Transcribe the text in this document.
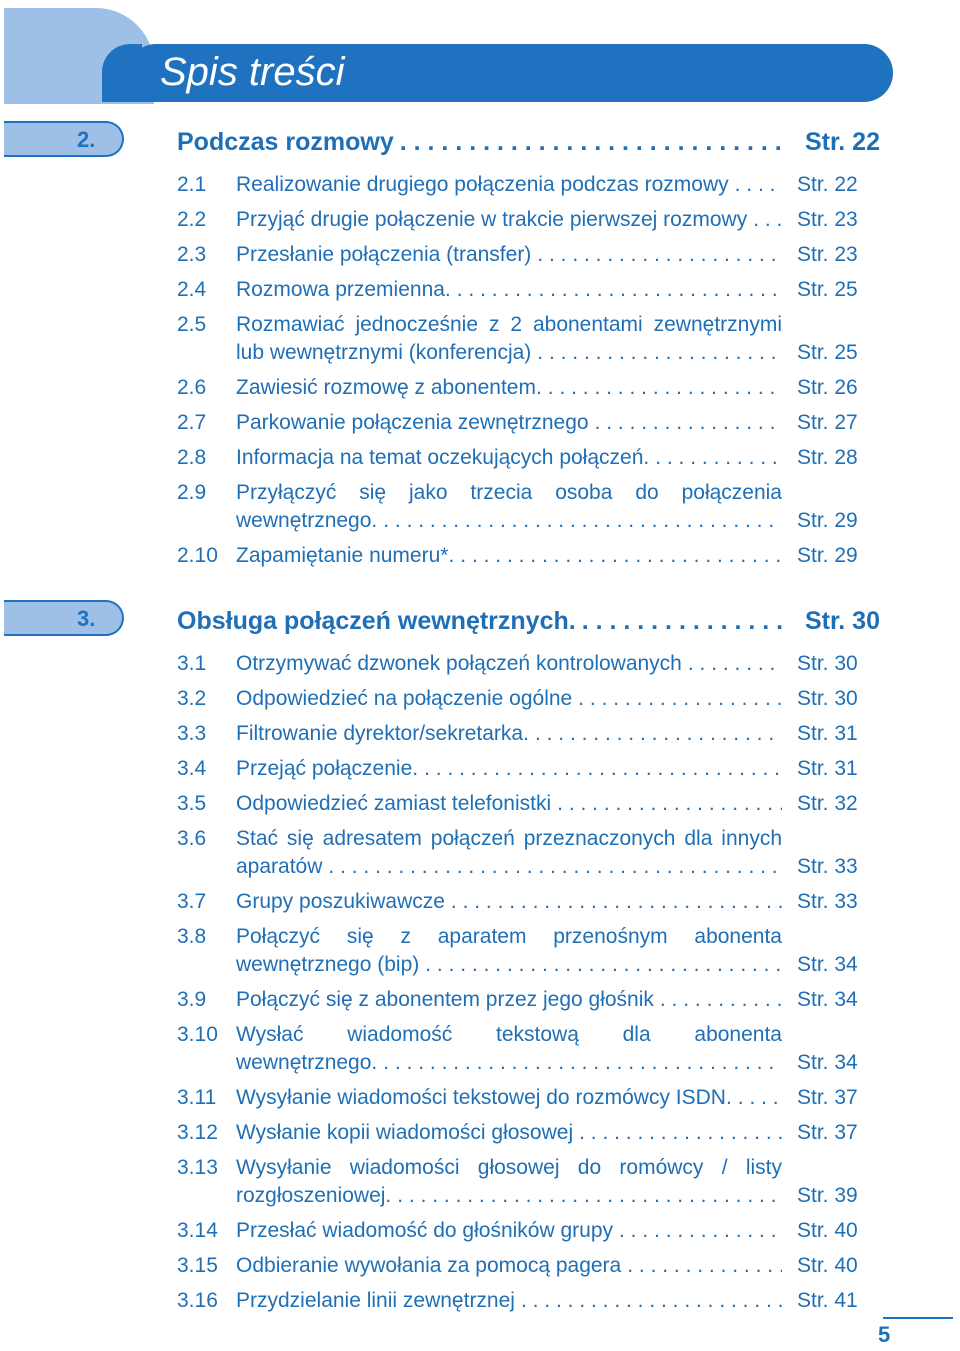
Spis treści
2.	Podczas rozmowy . . .	Str. 22
2.1 Realizowanie drugiego połączenia podczas rozmowy . . .	Str. 22
2.2 Przyjąć drugie połączenie w trakcie pierwszej rozmowy . . . Str. 23
2.3 Przesłanie połączenia (transfer) . . .	Str. 23
2.4 Rozmowa przemienna. . . .	Str. 25
2.5 Rozmawiać jednocześnie z 2 abonentami zewnętrznymi
lub wewnętrznymi (konferencja) . . .	Str. 25
2.6 Zawiesić rozmowę z abonentem. . . .	Str. 26
2.7 Parkowanie połączenia zewnętrznego . . .	Str. 27
2.8 Informacja na temat oczekujących połączeń. . . .	Str. 28
2.9 Przyłączyć się jako trzecia osoba do połączenia
wewnętrznego. . . .	Str. 29
2.10 Zapamiętanie numeru*. . . .	Str. 29
3.	Obsługa połączeń wewnętrznych. . . .	Str. 30
3.1 Otrzymywać dzwonek połączeń kontrolowanych . . .	Str. 30
3.2 Odpowiedzieć na połączenie ogólne . . .	Str. 30
3.3 Filtrowanie dyrektor/sekretarka. . . .	Str. 31
3.4 Przejąć połączenie. . . .	Str. 31
3.5 Odpowiedzieć zamiast telefonistki . . .	Str. 32
3.6 Stać się adresatem połączeń przeznaczonych dla innych
aparatów . . .	Str. 33
3.7 Grupy poszukiwawcze . . .	Str. 33
3.8 Połączyć się z aparatem przenośnym abonenta
wewnętrznego (bip) . . .	Str. 34
3.9 Połączyć się z abonentem przez jego głośnik . . .	Str. 34
3.10 Wysłać wiadomość tekstową dla abonenta
wewnętrznego. . . .	Str. 34
3.11 Wysyłanie wiadomości tekstowej do rozmówcy ISDN. . . .	Str. 37
3.12 Wysłanie kopii wiadomości głosowej . . .	Str. 37
3.13 Wysyłanie wiadomości głosowej do romówcy / listy
rozgłoszeniowej. . . .	Str. 39
3.14 Przesłać wiadomość do głośników grupy . . .	Str. 40
3.15 Odbieranie wywołania za pomocą pagera . . .	Str. 40
3.16 Przydzielanie linii zewnętrznej . . .	Str. 41
5
